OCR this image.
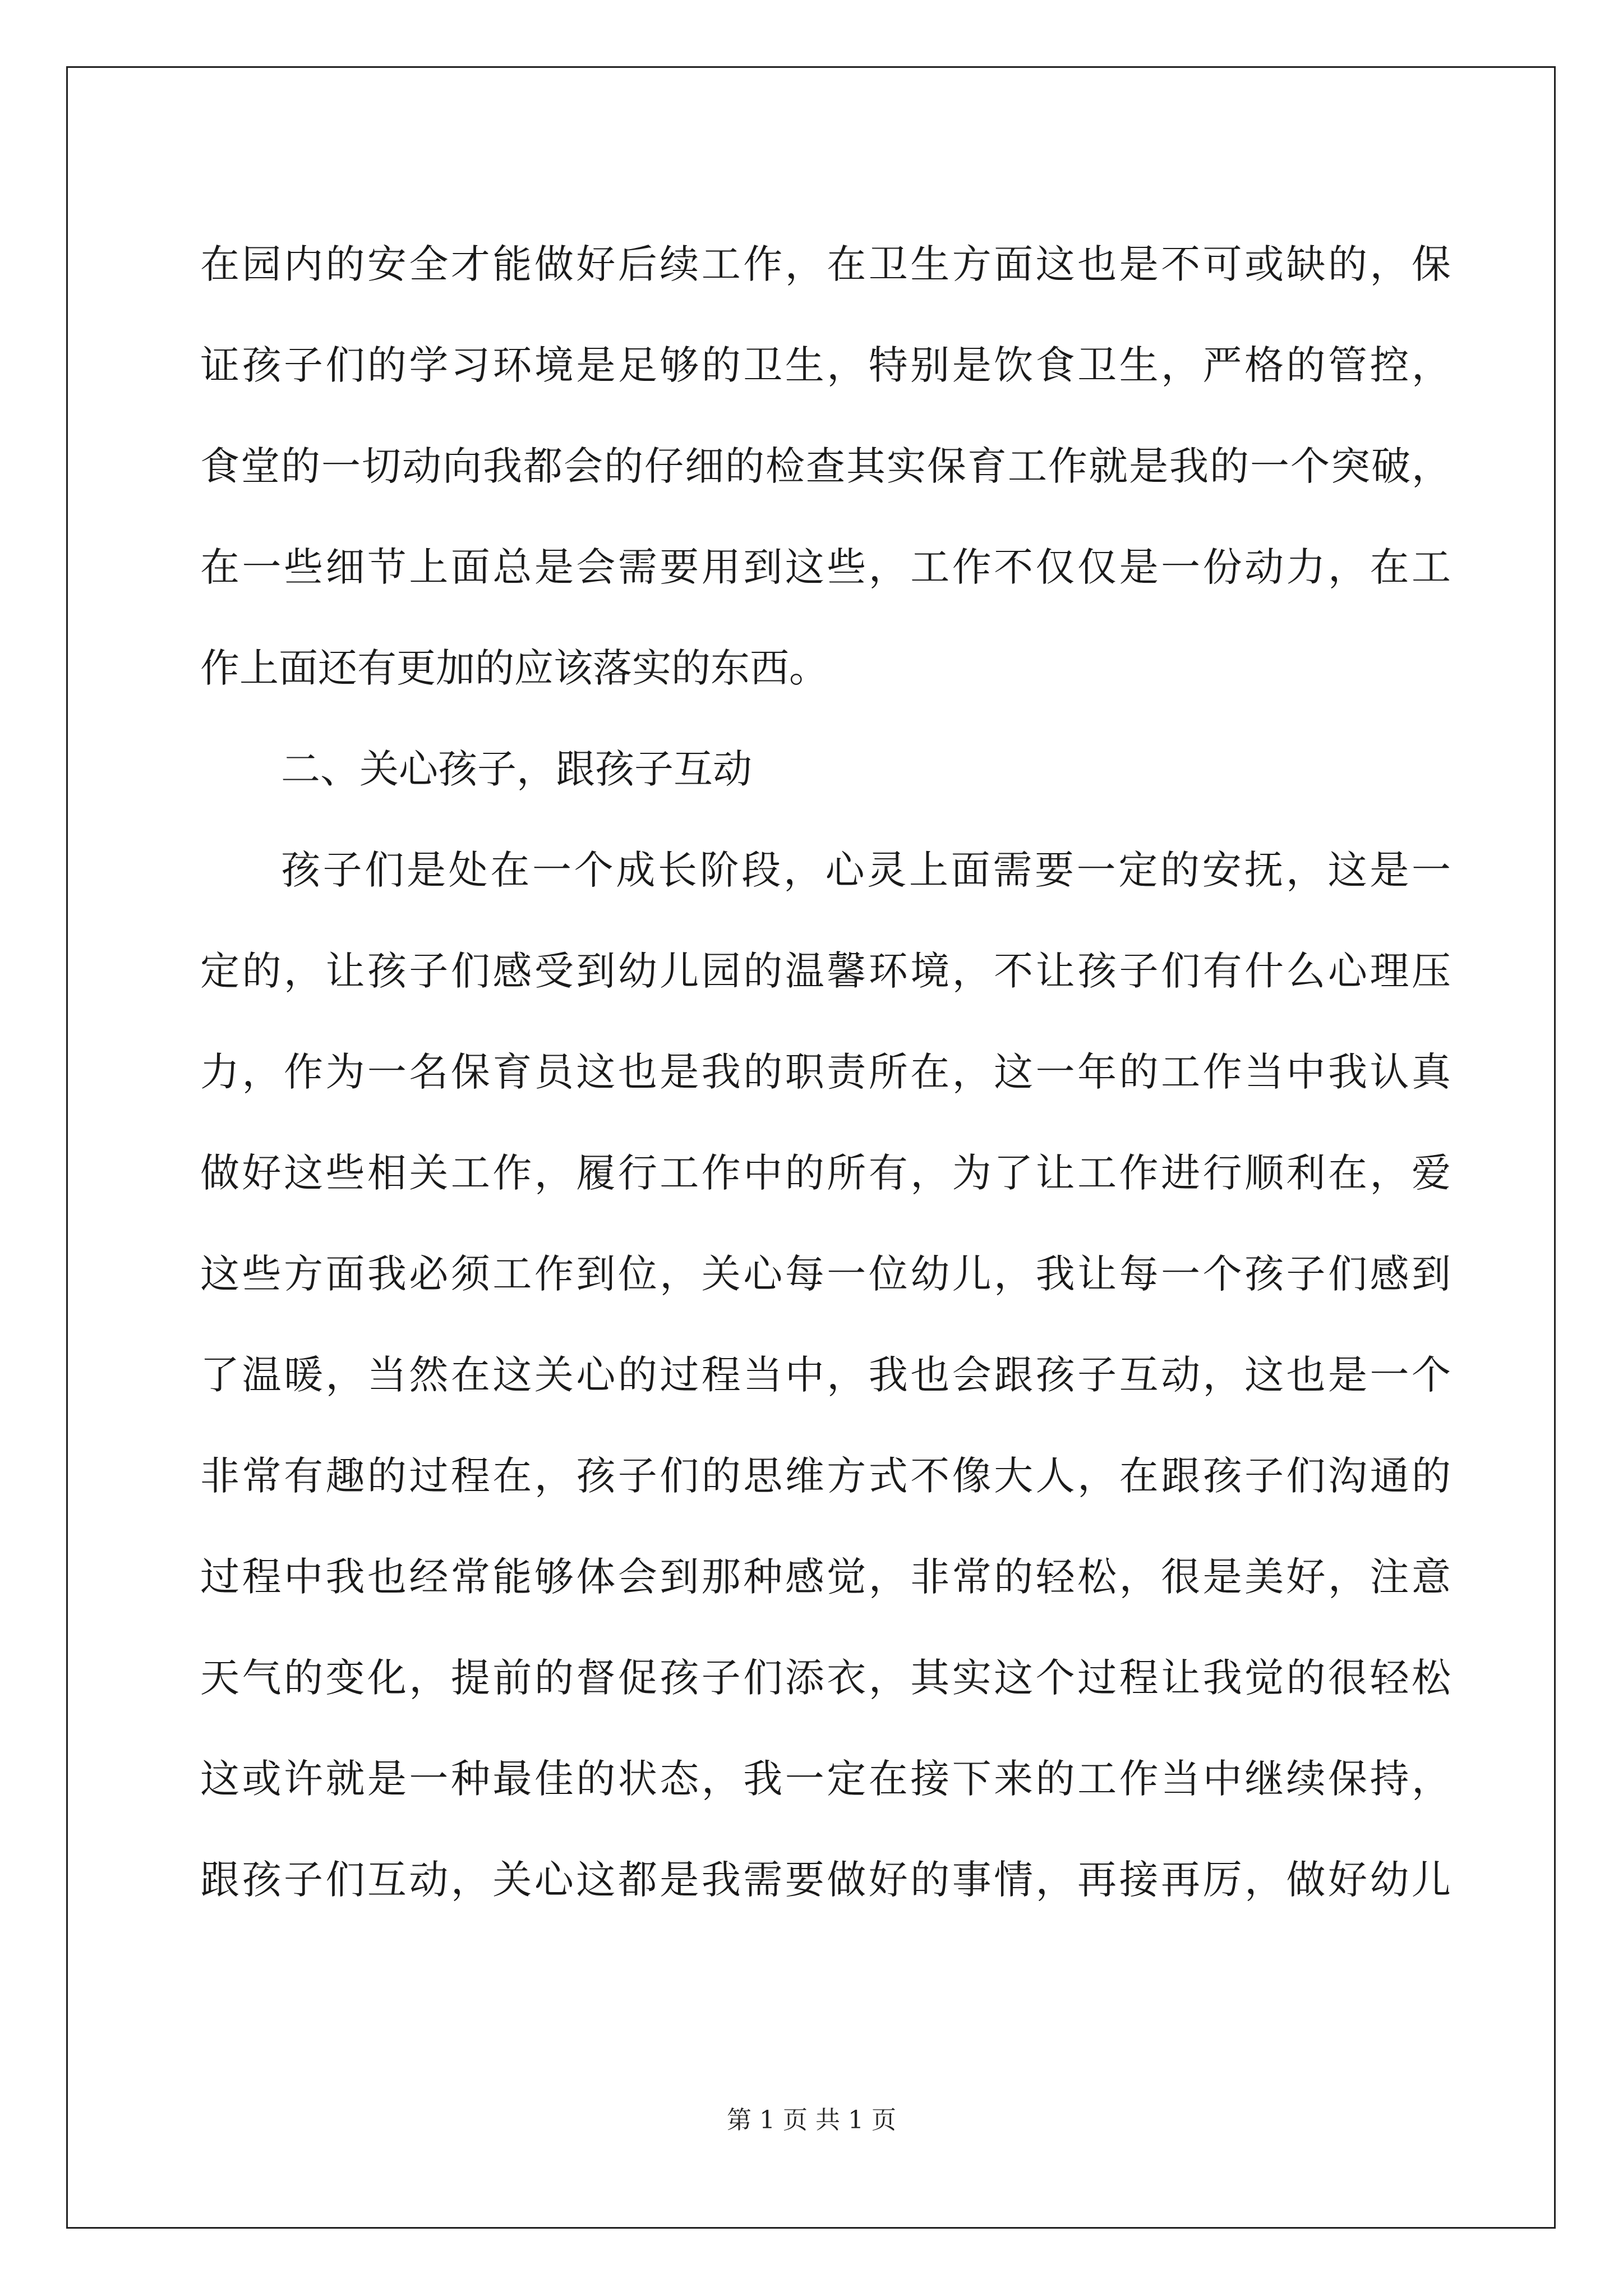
在园内的安全才能做好后续工作，在卫生方面这也是不可或缺的，保
证孩子们的学习环境是足够的卫生，特别是饮食卫生，严格的管控，
食堂的一切动向我都会的仔细的检查其实保育工作就是我的一个突破，
在一些细节上面总是会需要用到这些，工作不仅仅是一份动力，在工
作上面还有更加的应该落实的东西。
二、关心孩子，跟孩子互动
孩子们是处在一个成长阶段，心灵上面需要一定的安抚，这是一
定的，让孩子们感受到幼儿园的温馨环境，不让孩子们有什么心理压
力，作为一名保育员这也是我的职责所在，这一年的工作当中我认真
做好这些相关工作，履行工作中的所有，为了让工作进行顺利在，爱
这些方面我必须工作到位，关心每一位幼儿，我让每一个孩子们感到
了温暖，当然在这关心的过程当中，我也会跟孩子互动，这也是一个
非常有趣的过程在，孩子们的思维方式不像大人，在跟孩子们沟通的
过程中我也经常能够体会到那种感觉，非常的轻松，很是美好，注意
天气的变化，提前的督促孩子们添衣，其实这个过程让我觉的很轻松
这或许就是一种最佳的状态，我一定在接下来的工作当中继续保持，
跟孩子们互动，关心这都是我需要做好的事情，再接再厉，做好幼儿
第 1 页 共 1 页
